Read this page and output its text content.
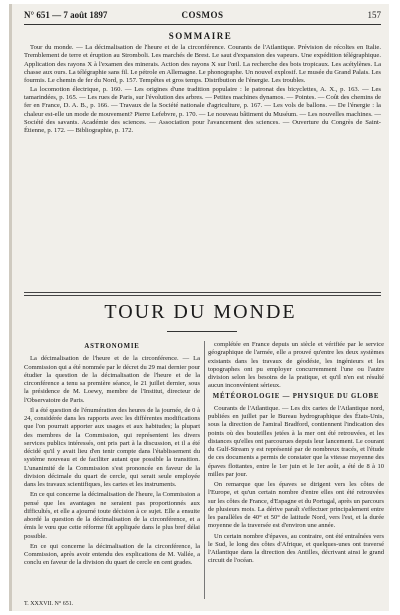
N° 651 — 7 août 1897	COSMOS	157
SOMMAIRE

Tour du monde. — La décimalisation de l'heure et de la circonférence. Courants de l'Atlantique. Prévision de récoltes en Italie. Tremblement de terre et éruption au Stromboli. Les marchés de Brest. Le saut d'expansion des vapeurs. Une expédition télégraphique. Application des rayons X à l'examen des minerais. Action des rayons X sur l'œil. La recherche des bois tropicaux. Les acétylènes. La chasse aux ours. La télégraphie sans fil. Le pétrole en Allemagne. Le phonographe. Un nouvel explosif. Le musée du Grand Palais. Les fourmis. Le chemin de fer du Nord, p. 157. Tempêtes et gros temps. Distribution de l'énergie. Les troubles.

La locomotion électrique, p. 160. — Les origines d'une tradition populaire : le patronat des bicyclettes, A. X., p. 163. — Les tamarindées, p. 165. — Les rues de Paris, sur l'évolution des arbres. — Petites machines dynamos. — Pointes. — Coût des chemins de fer en France, D. A. B., p. 166. — Travaux de la Société nationale d'agriculture, p. 167. — Les vols de ballons. — De l'énergie : la chaleur est-elle un mode de mouvement? Pierre Lefebvre, p. 170. — Le nouveau bâtiment du Muséum. — Les nouvelles machines. — Société des savants. Académie des sciences. — Association pour l'avancement des sciences. — Ouverture du Congrès de Saint-Étienne, p. 172. — Bibliographie, p. 172.

TOUR DU MONDE
ASTRONOMIE

La décimalisation de l'heure et de la circonférence. — La Commission qui a été nommée par le décret du 29 mai dernier pour étudier la question de la décimalisation de l'heure et de la circonférence a tenu sa première séance, le 21 juillet dernier, sous la présidence de M. Loewy, membre de l'Institut, directeur de l'Observatoire de Paris.

Il a été question de l'énumération des heures de la journée, de 0 à 24, considérée dans les rapports avec les différentes modifications que l'on pourrait apporter aux usages et aux habitudes; la plupart des membres de la Commission, qui représentent les divers services publics intéressés, ont pris part à la discussion, et il a été décidé qu'il y avait lieu d'en tenir compte dans l'établissement du système nouveau et de faciliter autant que possible la transition. L'unanimité de la Commission s'est prononcée en faveur de la division décimale du quart de cercle, qui serait seule employée dans les travaux scientifiques, les cartes et les instruments.

En ce qui concerne la décimalisation de l'heure, la Commission a pensé que les avantages ne seraient pas proportionnés aux difficultés, et elle a ajourné toute décision à ce sujet. Elle a ensuite abordé la question de la décimalisation de la circonférence, et a émis le vœu que cette réforme fût appliquée dans le plus bref délai possible.

En ce qui concerne la décimalisation de la circonférence, la Commission, après avoir entendu des explications de M. Vallée, a conclu en faveur de la division du quart de cercle en cent grades.

complétée en France depuis un siècle et vérifiée par le service géographique de l'armée, elle a prouvé qu'entre les deux systèmes existants dans les travaux de géodésie, les ingénieurs et les topographes ont pu employer concurremment l'une ou l'autre division selon les besoins de la pratique, et qu'il n'en est résulté aucun inconvénient sérieux.

MÉTÉOROLOGIE — PHYSIQUE DU GLOBE

Courants de l'Atlantique. — Les dix cartes de l'Atlantique nord, publiées en juillet par le Bureau hydrographique des États-Unis, sous la direction de l'amiral Bradford, contiennent l'indication des points où des bouteilles jetées à la mer ont été retrouvées, et les distances qu'elles ont parcourues depuis leur lancement. Le courant du Gulf-Stream y est représenté par de nombreux tracés, et l'étude de ces documents a permis de constater que la vitesse moyenne des épaves flottantes, entre le 1er juin et le 1er août, a été de 8 à 10 milles par jour.

On remarque que les épaves se dirigent vers les côtes de l'Europe, et qu'un certain nombre d'entre elles ont été retrouvées sur les côtes de France, d'Espagne et du Portugal, après un parcours de plusieurs mois. La dérive paraît s'effectuer principalement entre les parallèles de 40° et 50° de latitude Nord, vers l'est, et la durée moyenne de la traversée est d'environ une année.

Un certain nombre d'épaves, au contraire, ont été entraînées vers le Sud, le long des côtes d'Afrique, et quelques-unes ont traversé l'Atlantique dans la direction des Antilles, décrivant ainsi le grand circuit de l'océan.

T. XXXVII. N° 651.
